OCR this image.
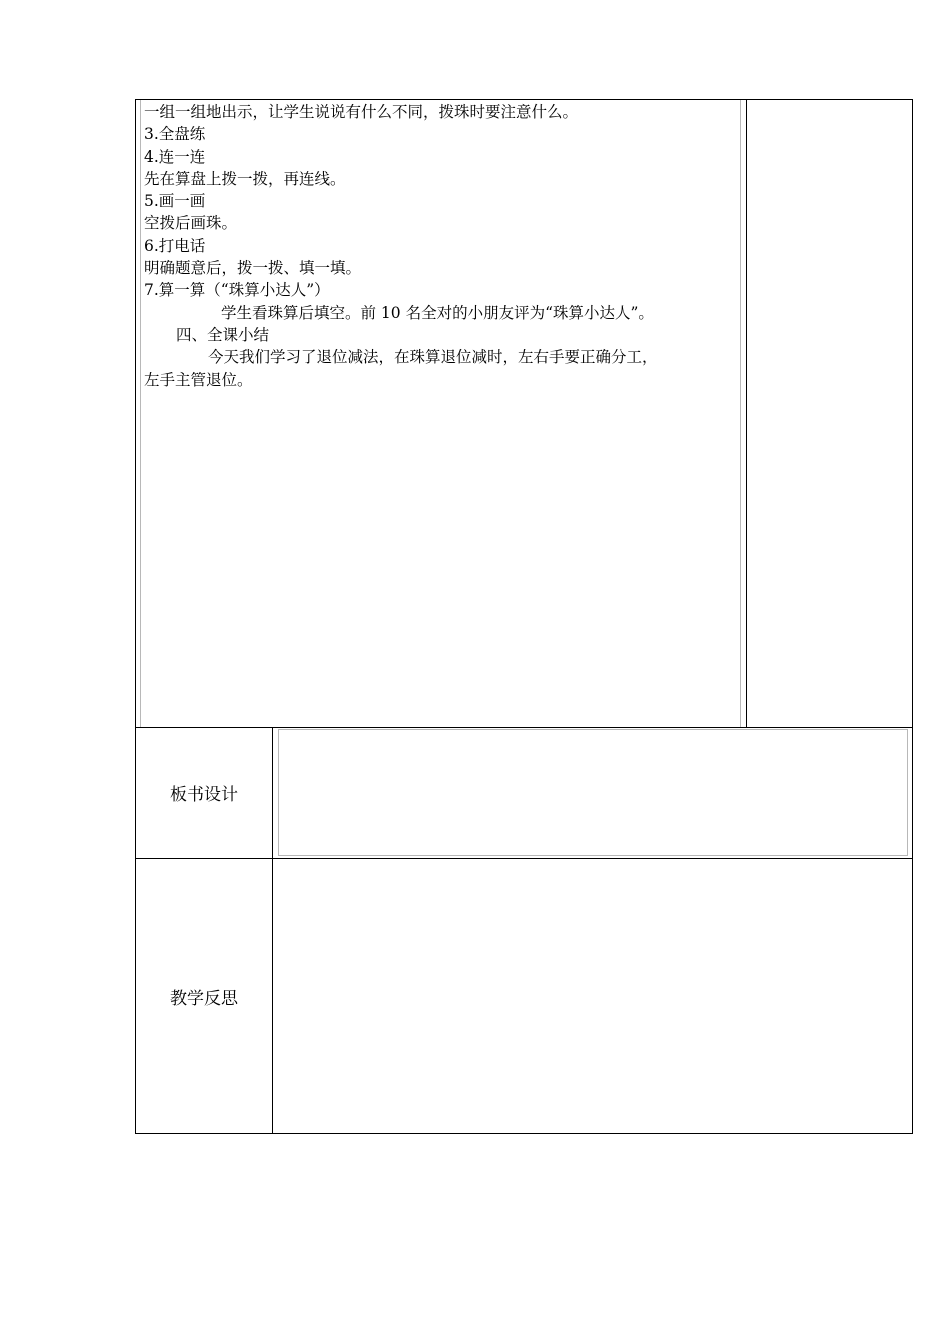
一组一组地出示，让学生说说有什么不同，拨珠时要注意什么。

3.全盘练

4.连一连

先在算盘上拨一拨，再连线。

5.画一画

空拨后画珠。

6.打电话

明确题意后，拨一拨、填一填。

7.算一算（“珠算小达人”）

学生看珠算后填空。前 10 名全对的小朋友评为“珠算小达人”。

四、全课小结

今天我们学习了退位减法，在珠算退位减时，左右手要正确分工，

左手主管退位。

板书设计
教学反思
